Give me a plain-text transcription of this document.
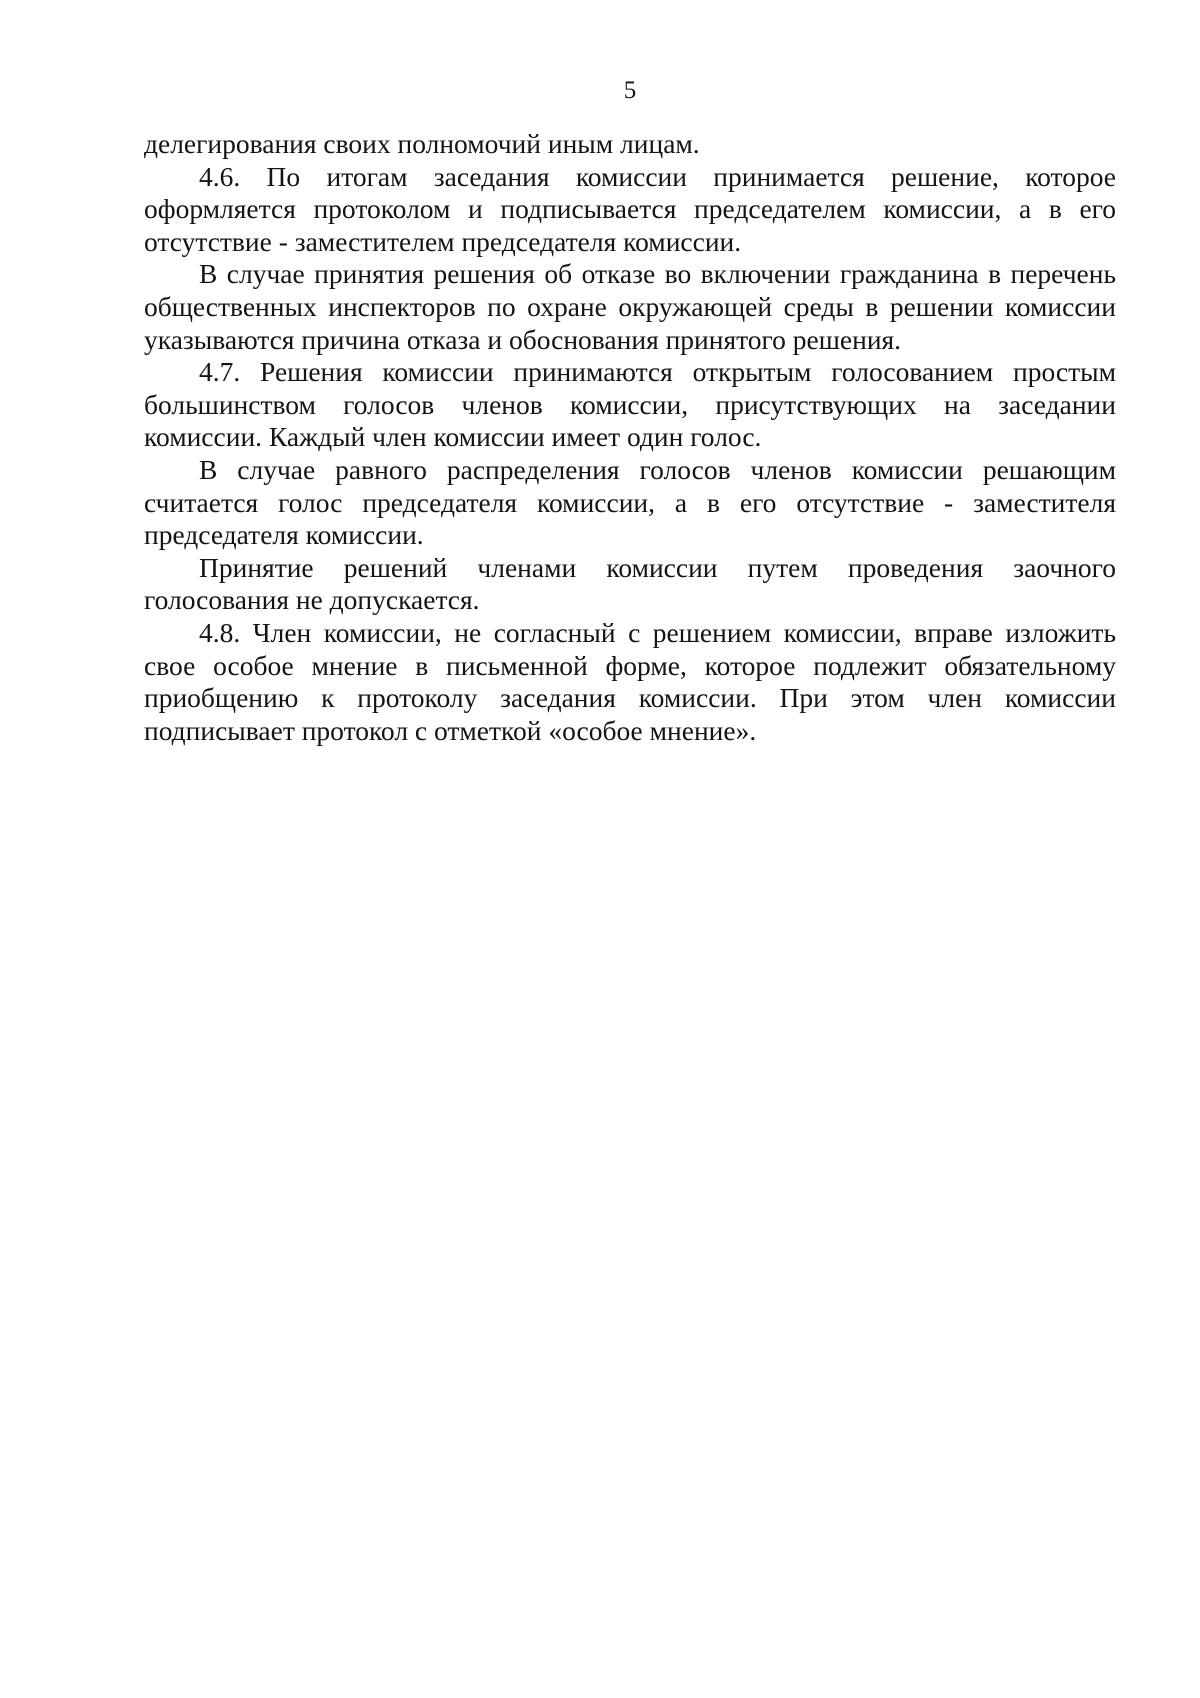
5

делегирования своих полномочий иным лицам.

4.6. По итогам заседания комиссии принимается решение, которое оформляется протоколом и подписывается председателем комиссии, а в его отсутствие - заместителем председателя комиссии.

В случае принятия решения об отказе во включении гражданина в перечень общественных инспекторов по охране окружающей среды в решении комиссии указываются причина отказа и обоснования принятого решения.

4.7. Решения комиссии принимаются открытым голосованием простым большинством голосов членов комиссии, присутствующих на заседании комиссии. Каждый член комиссии имеет один голос.

В случае равного распределения голосов членов комиссии решающим считается голос председателя комиссии, а в его отсутствие - заместителя председателя комиссии.

Принятие решений членами комиссии путем проведения заочного голосования не допускается.

4.8. Член комиссии, не согласный с решением комиссии, вправе изложить свое особое мнение в письменной форме, которое подлежит обязательному приобщению к протоколу заседания комиссии. При этом член комиссии подписывает протокол с отметкой «особое мнение».
